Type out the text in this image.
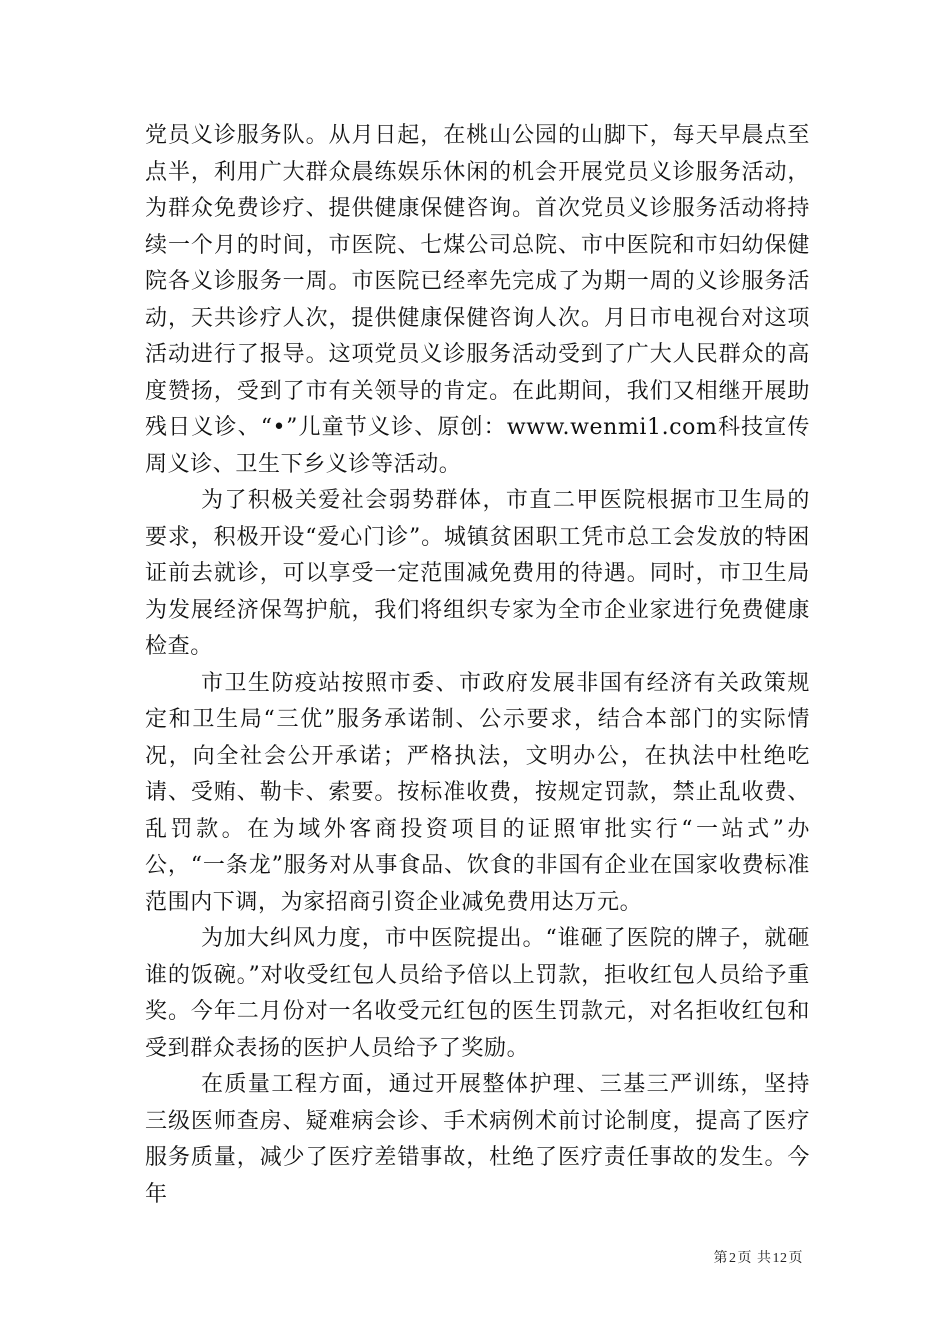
党员义诊服务队。从月日起，在桃山公园的山脚下，每天早晨点至点半，利用广大群众晨练娱乐休闲的机会开展党员义诊服务活动，为群众免费诊疗、提供健康保健咨询。首次党员义诊服务活动将持续一个月的时间，市医院、七煤公司总院、市中医院和市妇幼保健院各义诊服务一周。市医院已经率先完成了为期一周的义诊服务活动，天共诊疗人次，提供健康保健咨询人次。月日市电视台对这项活动进行了报导。这项党员义诊服务活动受到了广大人民群众的高度赞扬，受到了市有关领导的肯定。在此期间，我们又相继开展助残日义诊、“•”儿童节义诊、原创：www.wenmi1.com科技宣传周义诊、卫生下乡义诊等活动。

为了积极关爱社会弱势群体，市直二甲医院根据市卫生局的要求，积极开设“爱心门诊”。城镇贫困职工凭市总工会发放的特困证前去就诊，可以享受一定范围减免费用的待遇。同时，市卫生局为发展经济保驾护航，我们将组织专家为全市企业家进行免费健康检查。

市卫生防疫站按照市委、市政府发展非国有经济有关政策规定和卫生局“三优”服务承诺制、公示要求，结合本部门的实际情况，向全社会公开承诺；严格执法，文明办公，在执法中杜绝吃请、受贿、勒卡、索要。按标准收费，按规定罚款，禁止乱收费、乱罚款。在为域外客商投资项目的证照审批实行“一站式”办公，“一条龙”服务对从事食品、饮食的非国有企业在国家收费标准范围内下调，为家招商引资企业减免费用达万元。

为加大纠风力度，市中医院提出。“谁砸了医院的牌子，就砸谁的饭碗。”对收受红包人员给予倍以上罚款，拒收红包人员给予重奖。今年二月份对一名收受元红包的医生罚款元，对名拒收红包和受到群众表扬的医护人员给予了奖励。

在质量工程方面，通过开展整体护理、三基三严训练，坚持三级医师查房、疑难病会诊、手术病例术前讨论制度，提高了医疗服务质量，减少了医疗差错事故，杜绝了医疗责任事故的发生。今年

第2页 共12页
